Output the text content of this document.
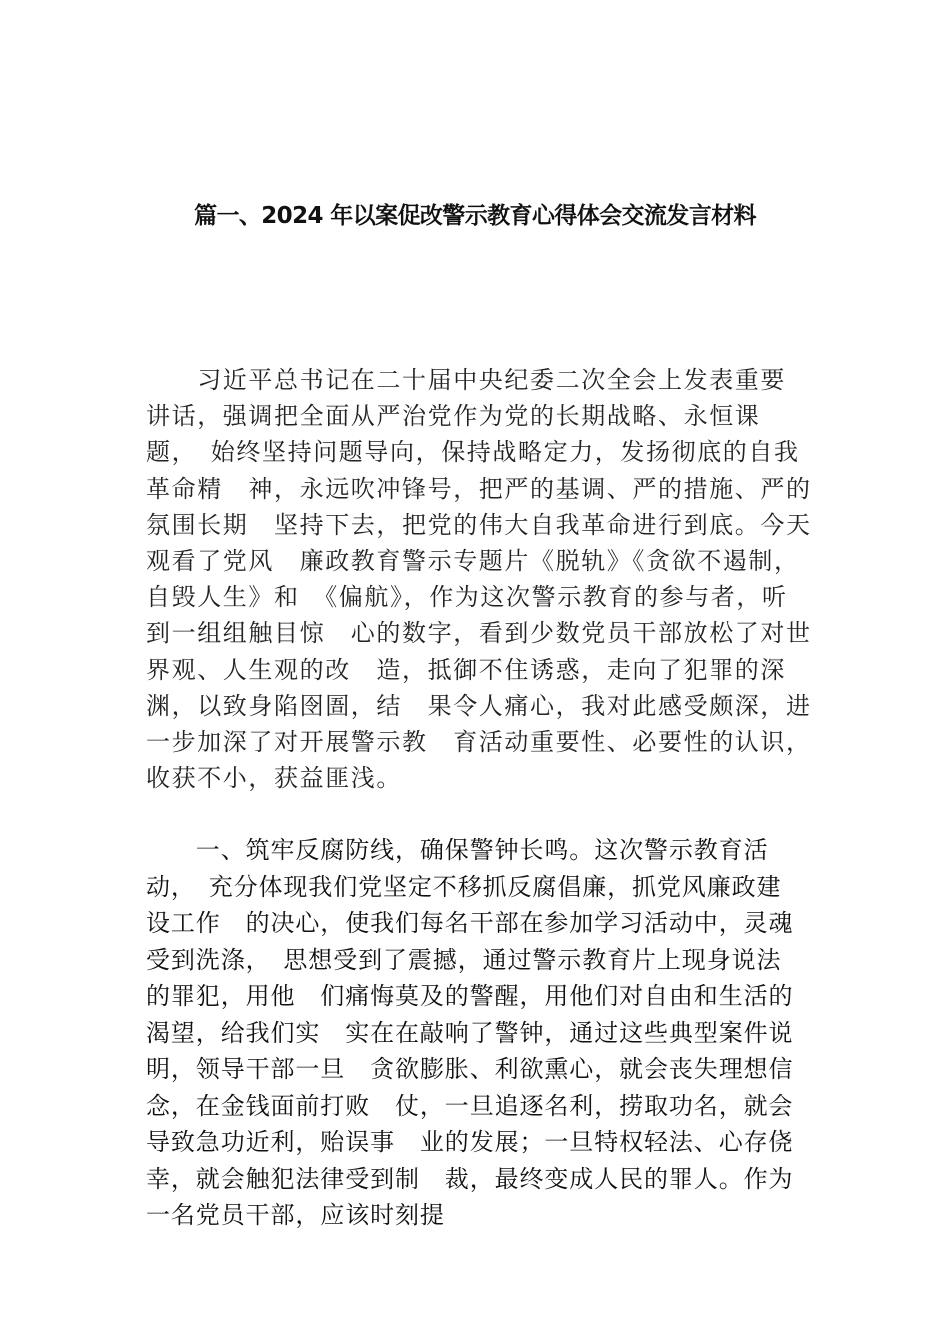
篇一、2024 年以案促改警示教育心得体会交流发言材料
　　习近平总书记在二十届中央纪委二次全会上发表重要
讲话，强调把全面从严治党作为党的长期战略、永恒课
题，　始终坚持问题导向，保持战略定力，发扬彻底的自我
革命精　神，永远吹冲锋号，把严的基调、严的措施、严的
氛围长期　坚持下去，把党的伟大自我革命进行到底。今天
观看了党风　廉政教育警示专题片《脱轨》《贪欲不遏制，
自毁人生》和　《偏航》，作为这次警示教育的参与者，听
到一组组触目惊　心的数字，看到少数党员干部放松了对世
界观、人生观的改　造，抵御不住诱惑，走向了犯罪的深
渊，以致身陷囹圄，结　果令人痛心，我对此感受颇深，进
一步加深了对开展警示教　育活动重要性、必要性的认识，
收获不小，获益匪浅。
　　一、筑牢反腐防线，确保警钟长鸣。这次警示教育活
动，　充分体现我们党坚定不移抓反腐倡廉，抓党风廉政建
设工作　的决心，使我们每名干部在参加学习活动中，灵魂
受到洗涤，　思想受到了震撼，通过警示教育片上现身说法
的罪犯，用他　们痛悔莫及的警醒，用他们对自由和生活的
渴望，给我们实　实在在敲响了警钟，通过这些典型案件说
明，领导干部一旦　贪欲膨胀、利欲熏心，就会丧失理想信
念，在金钱面前打败　仗，一旦追逐名利，捞取功名，就会
导致急功近利，贻误事　业的发展；一旦特权轻法、心存侥
幸，就会触犯法律受到制　裁，最终变成人民的罪人。作为
一名党员干部，应该时刻提
